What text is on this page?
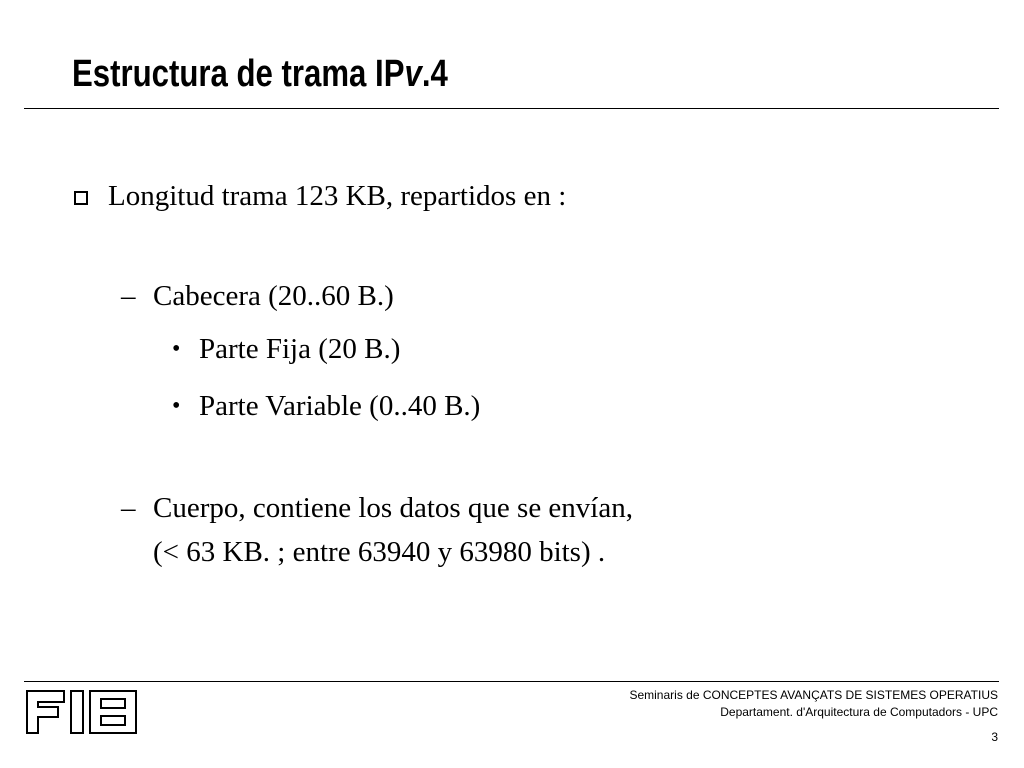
Estructura de trama IPv.4
Longitud trama 123 KB, repartidos en :
– Cabecera (20..60 B.)
• Parte Fija (20 B.)
• Parte Variable (0..40 B.)
– Cuerpo, contiene los datos que se envían,
(< 63 KB. ; entre 63940 y 63980 bits) .
Seminaris de CONCEPTES AVANÇATS DE SISTEMES OPERATIUS
Departament. d'Arquitectura de Computadors - UPC
3
